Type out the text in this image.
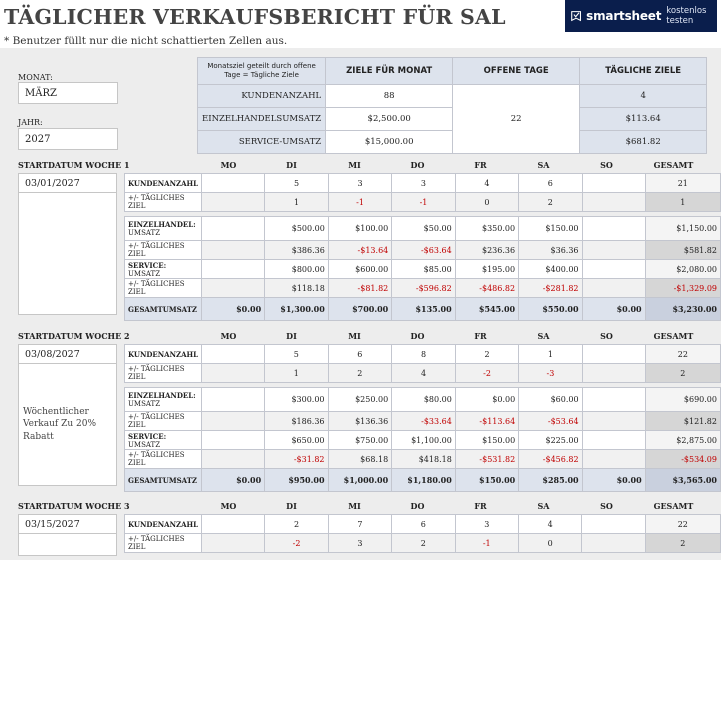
TÄGLICHER VERKAUFSBERICHT FÜR SAL
* Benutzer füllt nur die nicht schattierten Zellen aus.
smartsheet kostenlos testen
MONAT:
MÄRZ
JAHR:
2027
Monatsziel geteilt durch offene Tage = Tägliche Ziele	ZIELE FÜR MONAT	OFFENE TAGE	TÄGLICHE ZIELE
KUNDENANZAHL	88	22	4
EINZELHANDELSUMSATZ	$2,500.00		$113.64
SERVICE-UMSATZ	$15,000.00		$681.82
STARTDATUM WOCHE 1	MO	DI	MI	DO	FR	SA	SO	GESAMT
03/01/2027	KUNDENANZAHL		5	3	3	4	6		21
+/- TÄGLICHES ZIEL		1	-1	-1	0	2		1

EINZELHANDEL:
UMSATZ		$500.00	$100.00	$50.00	$350.00	$150.00		$1,150.00
+/- TÄGLICHES ZIEL		$386.36	-$13.64	-$63.64	$236.36	$36.36		$581.82
SERVICE: UMSATZ		$800.00	$600.00	$85.00	$195.00	$400.00		$2,080.00
+/- TÄGLICHES ZIEL		$118.18	-$81.82	-$596.82	-$486.82	-$281.82		-$1,329.09
GESAMTUMSATZ	$0.00	$1,300.00	$700.00	$135.00	$545.00	$550.00	$0.00	$3,230.00
STARTDATUM WOCHE 2	MO	DI	MI	DO	FR	SA	SO	GESAMT
03/08/2027
Wöchentlicher Verkauf Zu 20% Rabatt
KUNDENANZAHL		5	6	8	2	1		22
+/- TÄGLICHES ZIEL		1	2	4	-2	-3		2

EINZELHANDEL:
UMSATZ		$300.00	$250.00	$80.00	$0.00	$60.00		$690.00
+/- TÄGLICHES ZIEL		$186.36	$136.36	-$33.64	-$113.64	-$53.64		$121.82
SERVICE: UMSATZ		$650.00	$750.00	$1,100.00	$150.00	$225.00		$2,875.00
+/- TÄGLICHES ZIEL		-$31.82	$68.18	$418.18	-$531.82	-$456.82		-$534.09
GESAMTUMSATZ	$0.00	$950.00	$1,000.00	$1,180.00	$150.00	$285.00	$0.00	$3,565.00
STARTDATUM WOCHE 3	MO	DI	MI	DO	FR	SA	SO	GESAMT
03/15/2027	KUNDENANZAHL		2	7	6	3	4		22
+/- TÄGLICHES ZIEL		-2	3	2	-1	0		2
